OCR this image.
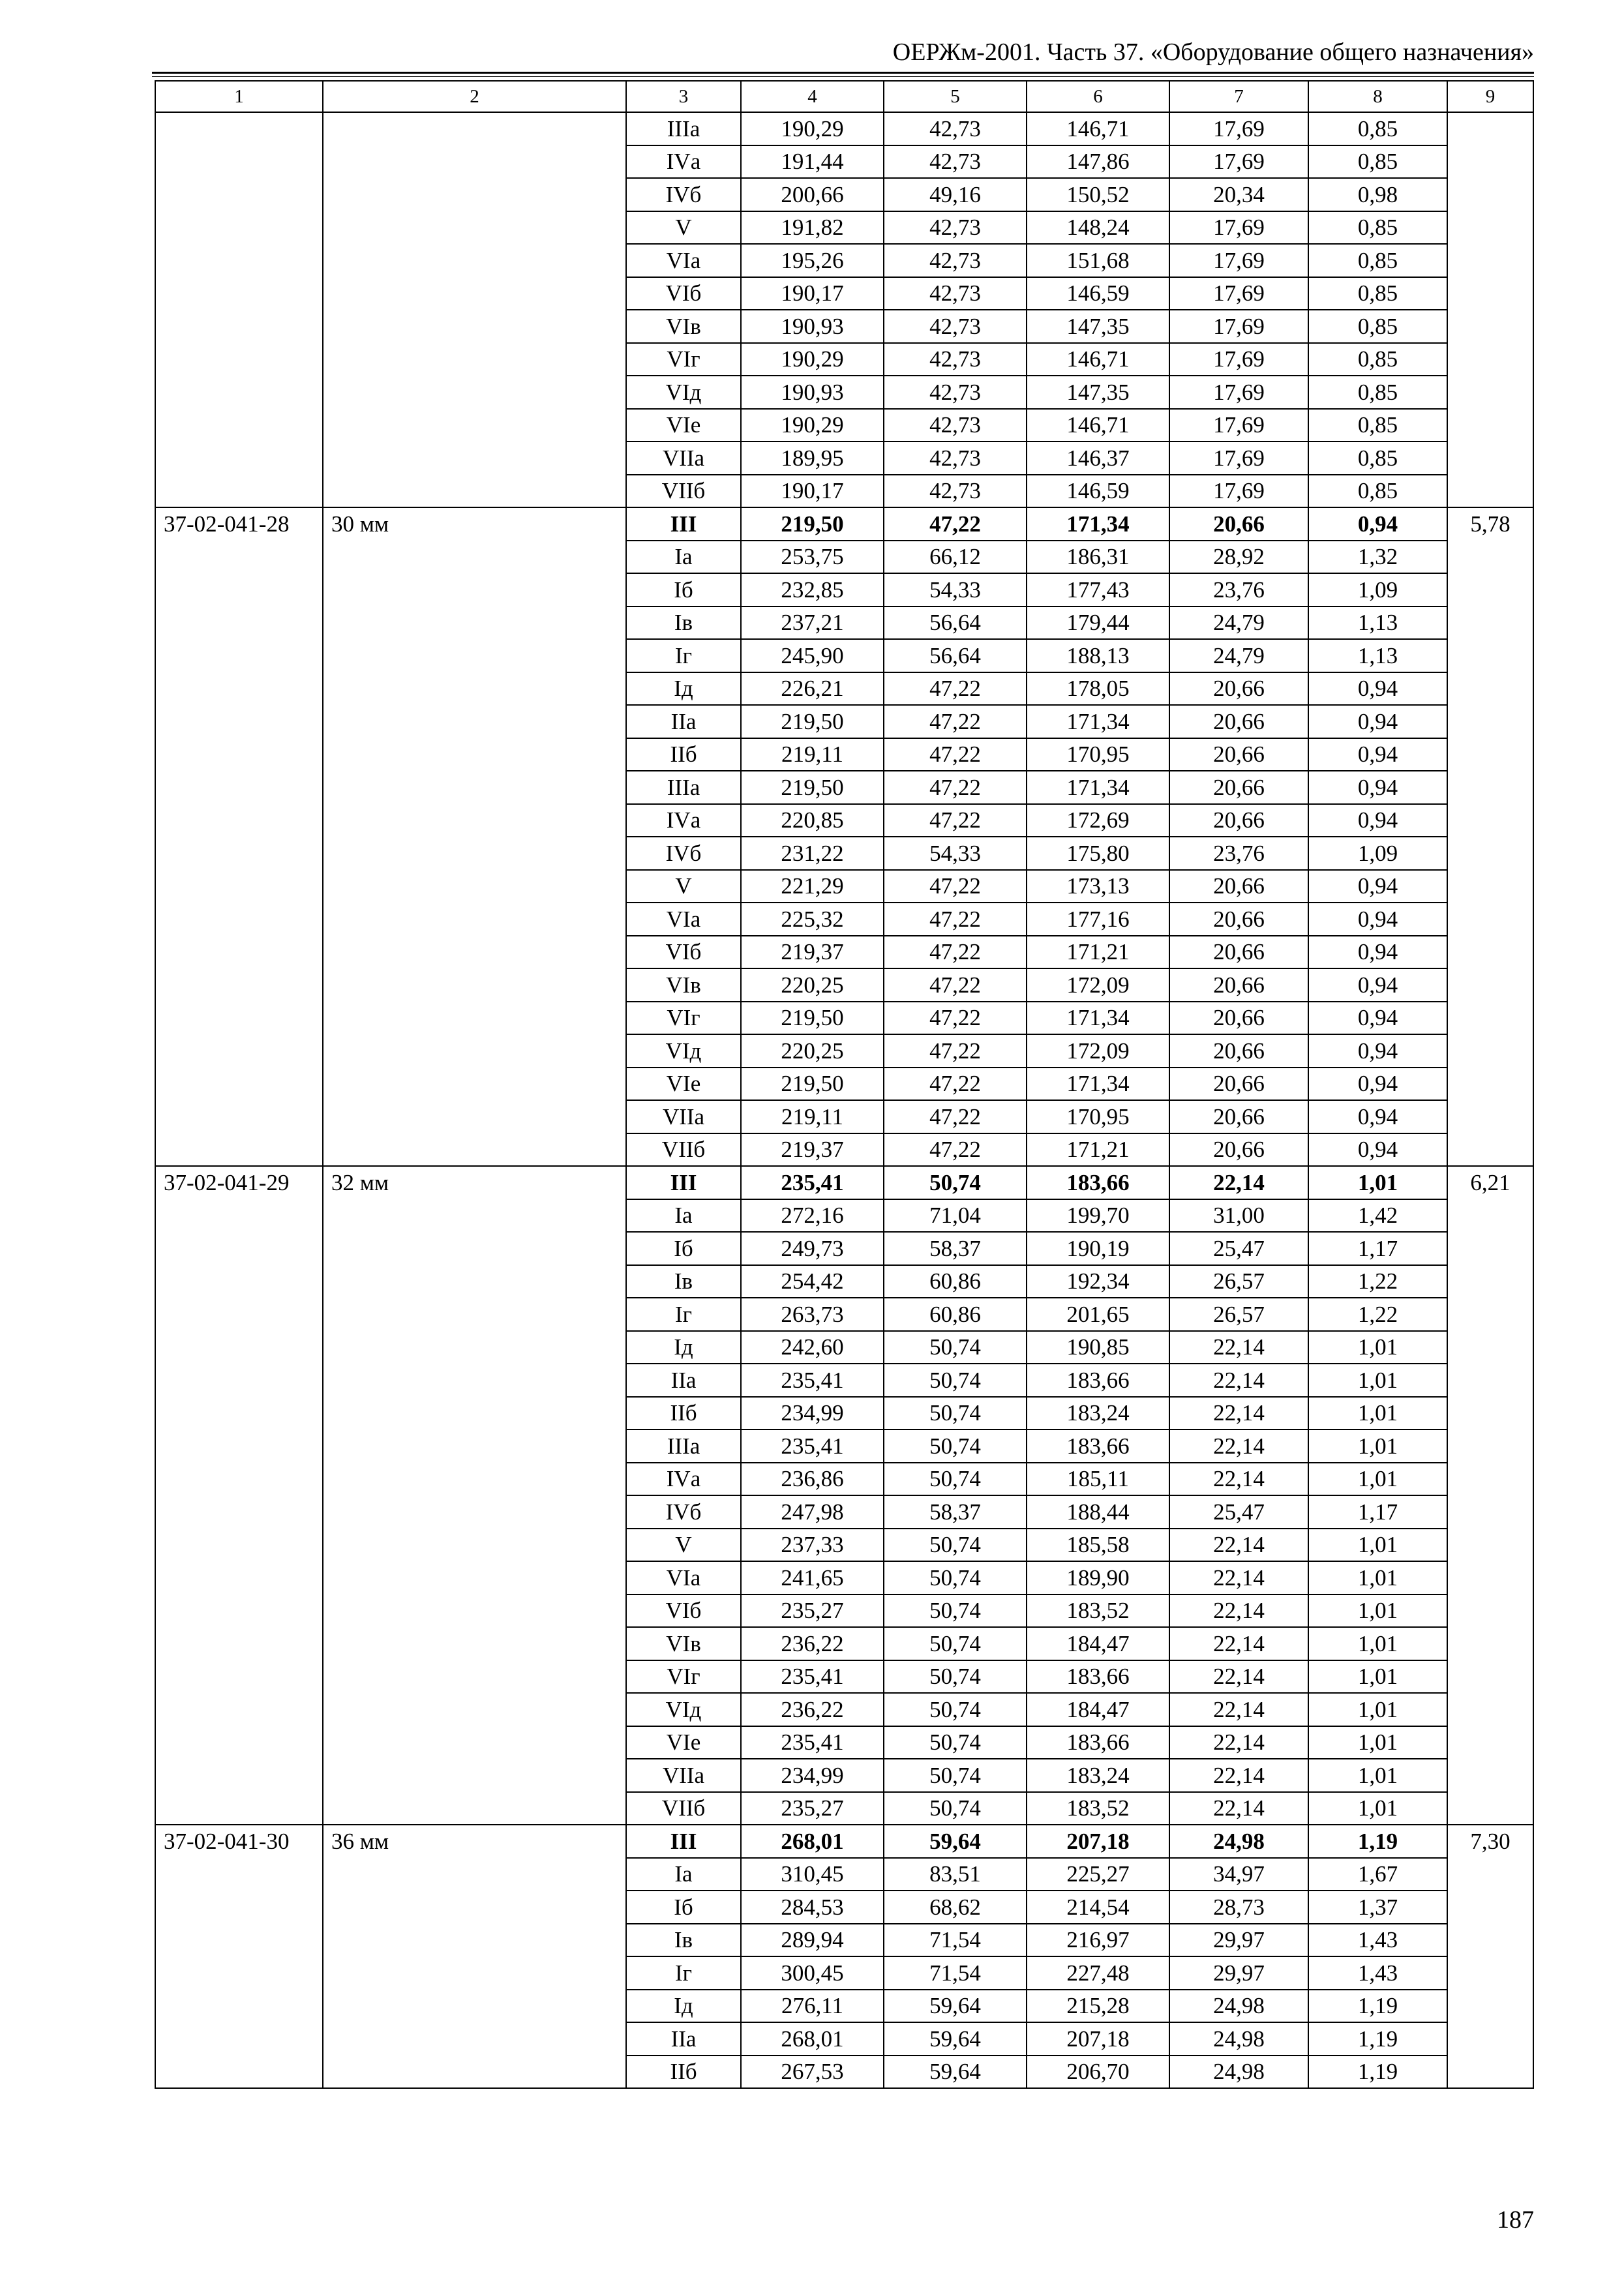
ОЕРЖм-2001. Часть 37. «Оборудование общего назначения»
1	2	3	4	5	6	7	8	9
		IIIа	190,29	42,73	146,71	17,69	0,85	
		IVа	191,44	42,73	147,86	17,69	0,85	
		IVб	200,66	49,16	150,52	20,34	0,98	
		V	191,82	42,73	148,24	17,69	0,85	
		VIа	195,26	42,73	151,68	17,69	0,85	
		VIб	190,17	42,73	146,59	17,69	0,85	
		VIв	190,93	42,73	147,35	17,69	0,85	
		VIг	190,29	42,73	146,71	17,69	0,85	
		VIд	190,93	42,73	147,35	17,69	0,85	
		VIе	190,29	42,73	146,71	17,69	0,85	
		VIIа	189,95	42,73	146,37	17,69	0,85	
		VIIб	190,17	42,73	146,59	17,69	0,85	
37-02-041-28	30 мм	III	219,50	47,22	171,34	20,66	0,94	5,78
		Iа	253,75	66,12	186,31	28,92	1,32	
		Iб	232,85	54,33	177,43	23,76	1,09	
		Iв	237,21	56,64	179,44	24,79	1,13	
		Iг	245,90	56,64	188,13	24,79	1,13	
		Iд	226,21	47,22	178,05	20,66	0,94	
		IIа	219,50	47,22	171,34	20,66	0,94	
		IIб	219,11	47,22	170,95	20,66	0,94	
		IIIа	219,50	47,22	171,34	20,66	0,94	
		IVа	220,85	47,22	172,69	20,66	0,94	
		IVб	231,22	54,33	175,80	23,76	1,09	
		V	221,29	47,22	173,13	20,66	0,94	
		VIа	225,32	47,22	177,16	20,66	0,94	
		VIб	219,37	47,22	171,21	20,66	0,94	
		VIв	220,25	47,22	172,09	20,66	0,94	
		VIг	219,50	47,22	171,34	20,66	0,94	
		VIд	220,25	47,22	172,09	20,66	0,94	
		VIе	219,50	47,22	171,34	20,66	0,94	
		VIIа	219,11	47,22	170,95	20,66	0,94	
		VIIб	219,37	47,22	171,21	20,66	0,94	
37-02-041-29	32 мм	III	235,41	50,74	183,66	22,14	1,01	6,21
		Iа	272,16	71,04	199,70	31,00	1,42	
		Iб	249,73	58,37	190,19	25,47	1,17	
		Iв	254,42	60,86	192,34	26,57	1,22	
		Iг	263,73	60,86	201,65	26,57	1,22	
		Iд	242,60	50,74	190,85	22,14	1,01	
		IIа	235,41	50,74	183,66	22,14	1,01	
		IIб	234,99	50,74	183,24	22,14	1,01	
		IIIа	235,41	50,74	183,66	22,14	1,01	
		IVа	236,86	50,74	185,11	22,14	1,01	
		IVб	247,98	58,37	188,44	25,47	1,17	
		V	237,33	50,74	185,58	22,14	1,01	
		VIа	241,65	50,74	189,90	22,14	1,01	
		VIб	235,27	50,74	183,52	22,14	1,01	
		VIв	236,22	50,74	184,47	22,14	1,01	
		VIг	235,41	50,74	183,66	22,14	1,01	
		VIд	236,22	50,74	184,47	22,14	1,01	
		VIе	235,41	50,74	183,66	22,14	1,01	
		VIIа	234,99	50,74	183,24	22,14	1,01	
		VIIб	235,27	50,74	183,52	22,14	1,01	
37-02-041-30	36 мм	III	268,01	59,64	207,18	24,98	1,19	7,30
		Iа	310,45	83,51	225,27	34,97	1,67	
		Iб	284,53	68,62	214,54	28,73	1,37	
		Iв	289,94	71,54	216,97	29,97	1,43	
		Iг	300,45	71,54	227,48	29,97	1,43	
		Iд	276,11	59,64	215,28	24,98	1,19	
		IIа	268,01	59,64	207,18	24,98	1,19	
		IIб	267,53	59,64	206,70	24,98	1,19	
187
